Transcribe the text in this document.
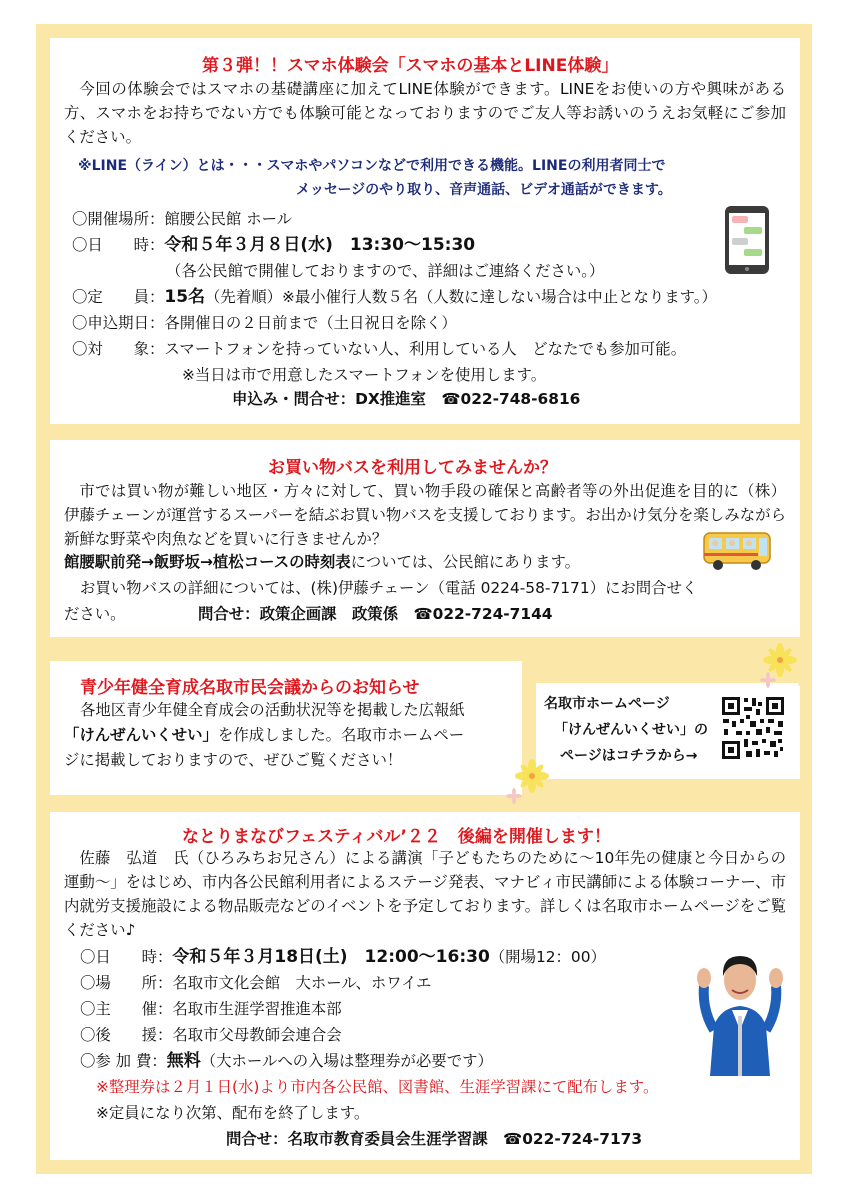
第３弾！！スマホ体験会「スマホの基本とLINE体験」
今回の体験会ではスマホの基礎講座に加えてLINE体験ができます。LINEをお使いの方や興味がある方、スマホをお持ちでない方でも体験可能となっておりますのでご友人等お誘いのうえお気軽にご参加ください。
※LINE（ライン）とは・・・スマホやパソコンなどで利用できる機能。LINEの利用者同士で
メッセージのやり取り、音声通話、ビデオ通話ができます。
〇開催場所：館腰公民館 ホール
〇日　　時：令和５年３月８日(水)　13:30～15:30
（各公民館で開催しておりますので、詳細はご連絡ください。）
〇定　　員：15名（先着順）※最小催行人数５名（人数に達しない場合は中止となります。）
〇申込期日：各開催日の２日前まで（土日祝日を除く）
〇対　　象：スマートフォンを持っていない人、利用している人　どなたでも参加可能。
※当日は市で用意したスマートフォンを使用します。
申込み・問合せ：DX推進室　☎022-748-6816
お買い物バスを利用してみませんか？
市では買い物が難しい地区・方々に対して、買い物手段の確保と高齢者等の外出促進を目的に（株）伊藤チェーンが運営するスーパーを結ぶお買い物バスを支援しております。お出かけ気分を楽しみながら新鮮な野菜や肉魚などを買いに行きませんか？
館腰駅前発→飯野坂→植松コースの時刻表については、公民館にあります。
お買い物バスの詳細については、(株)伊藤チェーン（電話 0224-58-7171）にお問合せく
ださい。	問合せ：政策企画課　政策係　☎022-724-7144
青少年健全育成名取市民会議からのお知らせ
各地区青少年健全育成会の活動状況等を掲載した広報紙
「けんぜんいくせい」を作成しました。名取市ホームペー
ジに掲載しておりますので、ぜひご覧ください！
名取市ホームページ
「けんぜんいくせい」の
ページはコチラから→
なとりまなびフェスティバル’２２　後編を開催します！
佐藤　弘道　氏（ひろみちお兄さん）による講演「子どもたちのために～10年先の健康と今日からの運動～」をはじめ、市内各公民館利用者によるステージ発表、マナビィ市民講師による体験コーナー、市内就労支援施設による物品販売などのイベントを予定しております。詳しくは名取市ホームページをご覧ください♪
〇日　　時：令和５年３月18日(土)　12:00～16:30（開場12：00）
〇場　　所：名取市文化会館　大ホール、ホワイエ
〇主　　催：名取市生涯学習推進本部
〇後　　援：名取市父母教師会連合会
〇参 加 費：無料（大ホールへの入場は整理券が必要です）
※整理券は２月１日(水)より市内各公民館、図書館、生涯学習課にて配布します。
※定員になり次第、配布を終了します。
問合せ：名取市教育委員会生涯学習課　☎022-724-7173
